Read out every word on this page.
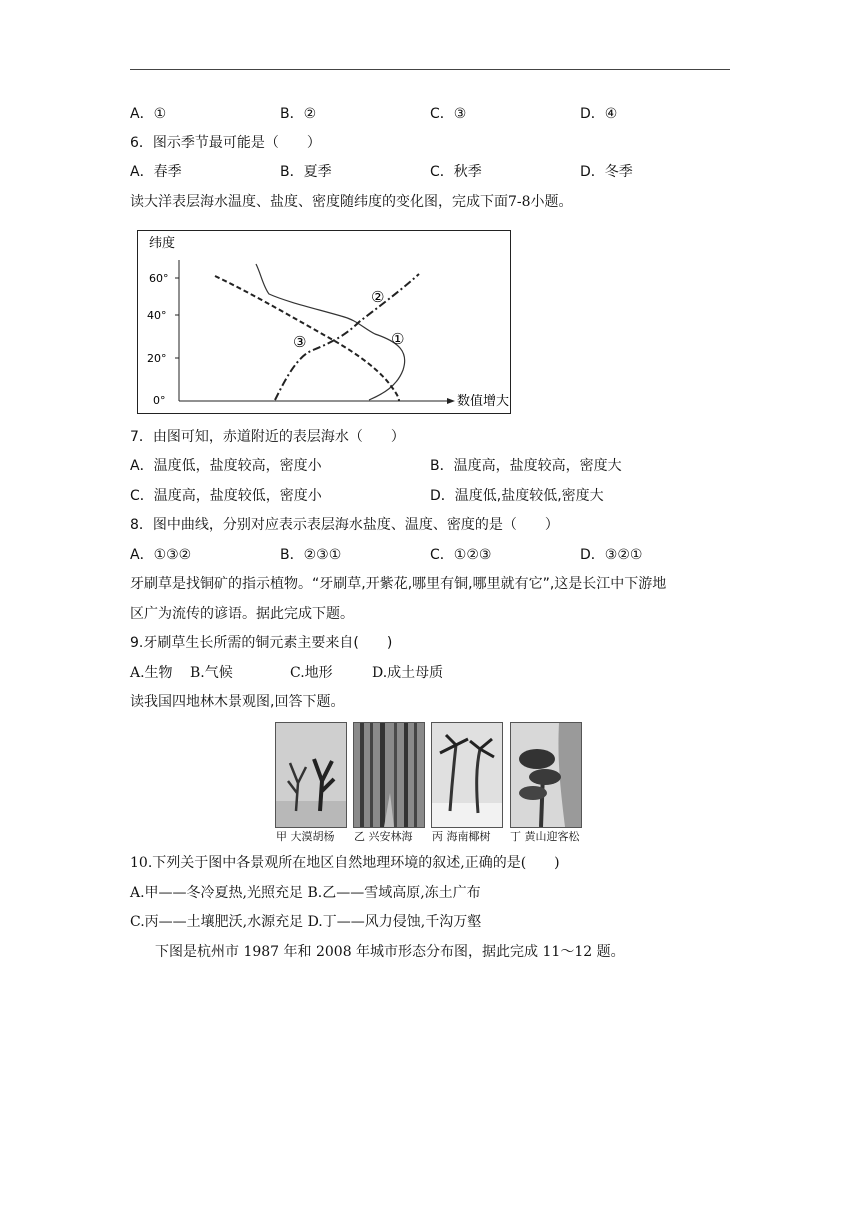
A．①	B．②	C．③	D．④
6．图示季节最可能是（　　）
A．春季	B．夏季	C．秋季	D．冬季
读大洋表层海水温度、盐度、密度随纬度的变化图，完成下面7-8小题。
纬度
数值增大
60°
40°
20°
0°
①
②
③
7．由图可知，赤道附近的表层海水（　　）
A．温度低，盐度较高，密度小	B．温度高，盐度较高，密度大
C．温度高，盐度较低，密度小	D．温度低,盐度较低,密度大
8．图中曲线，分别对应表示表层海水盐度、温度、密度的是（　　）
A．①③②	B．②③①	C．①②③	D．③②①
牙刷草是找铜矿的指示植物。“牙刷草,开紫花,哪里有铜,哪里就有它”,这是长江中下游地
区广为流传的谚语。据此完成下题。
9.牙刷草生长所需的铜元素主要来自(　　)
A.生物 B.气候	C.地形	D.成土母质
读我国四地林木景观图,回答下题。
甲 大漠胡杨 乙 兴安林海 丙 海南椰树 丁 黄山迎客松
10.下列关于图中各景观所在地区自然地理环境的叙述,正确的是(　　)
A.甲——冬冷夏热,光照充足 B.乙——雪域高原,冻土广布
C.丙——土壤肥沃,水源充足 D.丁——风力侵蚀,千沟万壑
下图是杭州市 1987 年和 2008 年城市形态分布图，据此完成 11～12 题。
